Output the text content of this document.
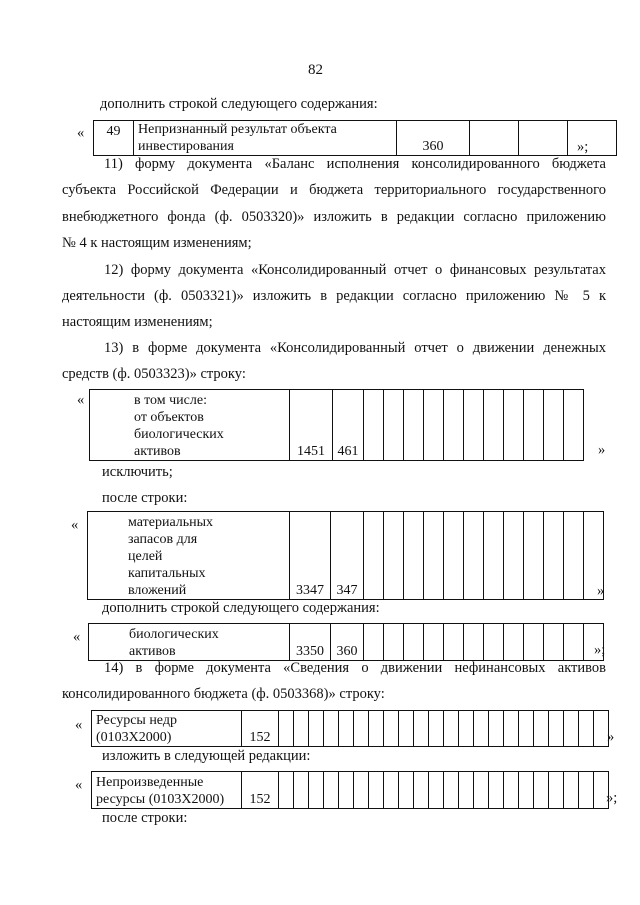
82
дополнить строкой следующего содержания:
« 49	Непризнанный результат объекта
инвестирования	360				»;
11) форму документа «Баланс исполнения консолидированного бюджета
субъекта Российской Федерации и бюджета территориального государственного
внебюджетного фонда (ф. 0503320)» изложить в редакции согласно приложению
№ 4 к настоящим изменениям;
12) форму документа «Консолидированный отчет о финансовых результатах
деятельности (ф. 0503321)» изложить в редакции согласно приложению № 5 к
настоящим изменениям;
13) в форме документа «Консолидированный отчет о движении денежных
средств (ф. 0503323)» строку:
«	в том числе:
от объектов
биологических
активов	1451	461												»
исключить;
после строки:
«	материальных
запасов для
целей
капитальных
вложений	3347	347													»
дополнить строкой следующего содержания:
«	биологических
активов	3350	360													»;
14) в форме документа «Сведения о движении нефинансовых активов
консолидированного бюджета (ф. 0503368)» строку:
« Ресурсы недр
(0103Х2000)	152																							»
изложить в следующей редакции:
« Непроизведенные
ресурсы (0103Х2000)	152																							»;
после строки:
